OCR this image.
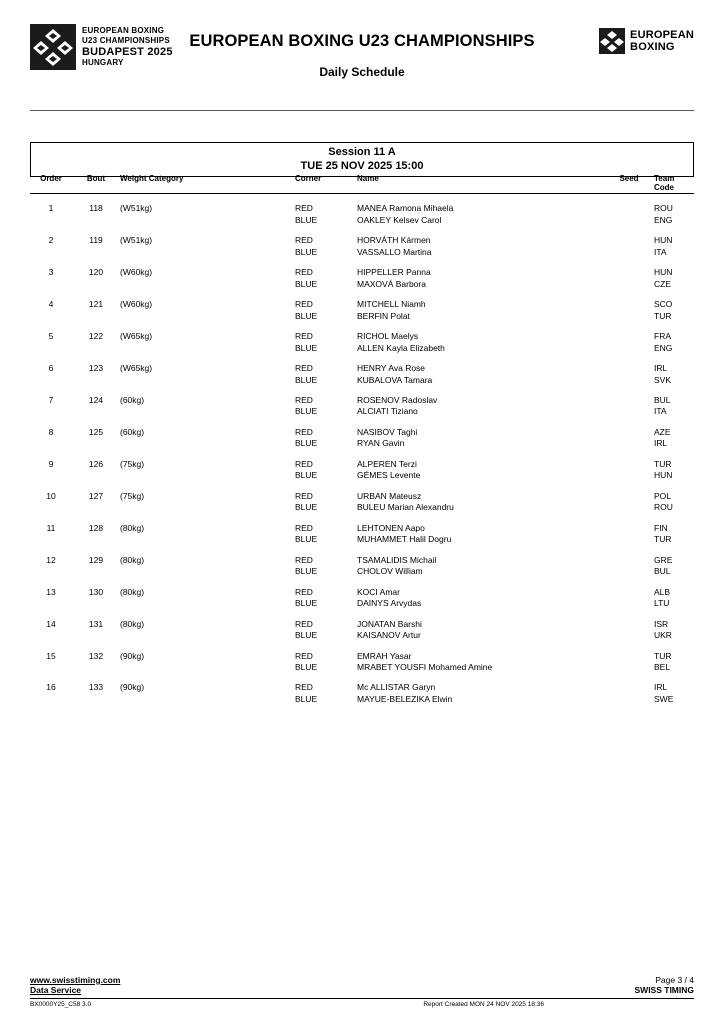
EUROPEAN BOXING
U23 CHAMPIONSHIPS
BUDAPEST 2025
HUNGARY
EUROPEAN BOXING U23 CHAMPIONSHIPS
Daily Schedule
EUROPEAN
BOXING
Session 11 A
TUE 25 NOV 2025 15:00
Order	Bout	Weight Category	Corner	Name	Seed	Team
Code
1	118	(W51kg)	RED	MANEA Ramona Mihaela		ROU
			BLUE	OAKLEY Kelsev Carol		ENG
2	119	(W51kg)	RED	HORVÁTH Kármen		HUN
			BLUE	VASSALLO Martina		ITA
3	120	(W60kg)	RED	HIPPELLER Panna		HUN
			BLUE	MAXOVÁ Barbora		CZE
4	121	(W60kg)	RED	MITCHELL Niamh		SCO
			BLUE	BERFIN Polat		TUR
5	122	(W65kg)	RED	RICHOL Maelys		FRA
			BLUE	ALLEN Kayla Elizabeth		ENG
6	123	(W65kg)	RED	HENRY Ava Rose		IRL
			BLUE	KUBALOVA Tamara		SVK
7	124	(60kg)	RED	ROSENOV Radoslav		BUL
			BLUE	ALCIATI Tiziano		ITA
8	125	(60kg)	RED	NASIBOV Taghi		AZE
			BLUE	RYAN Gavin		IRL
9	126	(75kg)	RED	ALPEREN Terzi		TUR
			BLUE	GÉMES Levente		HUN
10	127	(75kg)	RED	URBAN Mateusz		POL
			BLUE	BULEU Marian Alexandru		ROU
11	128	(80kg)	RED	LEHTONEN Aapo		FIN
			BLUE	MUHAMMET Halil Dogru		TUR
12	129	(80kg)	RED	TSAMALIDIS Michail		GRE
			BLUE	CHOLOV William		BUL
13	130	(80kg)	RED	KOCI Amar		ALB
			BLUE	DAINYS Arvydas		LTU
14	131	(80kg)	RED	JONATAN Barshi		ISR
			BLUE	KAISANOV Artur		UKR
15	132	(90kg)	RED	EMRAH Yasar		TUR
			BLUE	MRABET YOUSFI Mohamed Amine		BEL
16	133	(90kg)	RED	Mc ALLISTAR Garyn		IRL
			BLUE	MAYUE-BELEZIKA Elwin		SWE
www.swisstiming.com
Data Service
Page 3 / 4
SWISS TIMING
BX0000Y25_C58 3.0	Report Created MON 24 NOV 2025 18:36
